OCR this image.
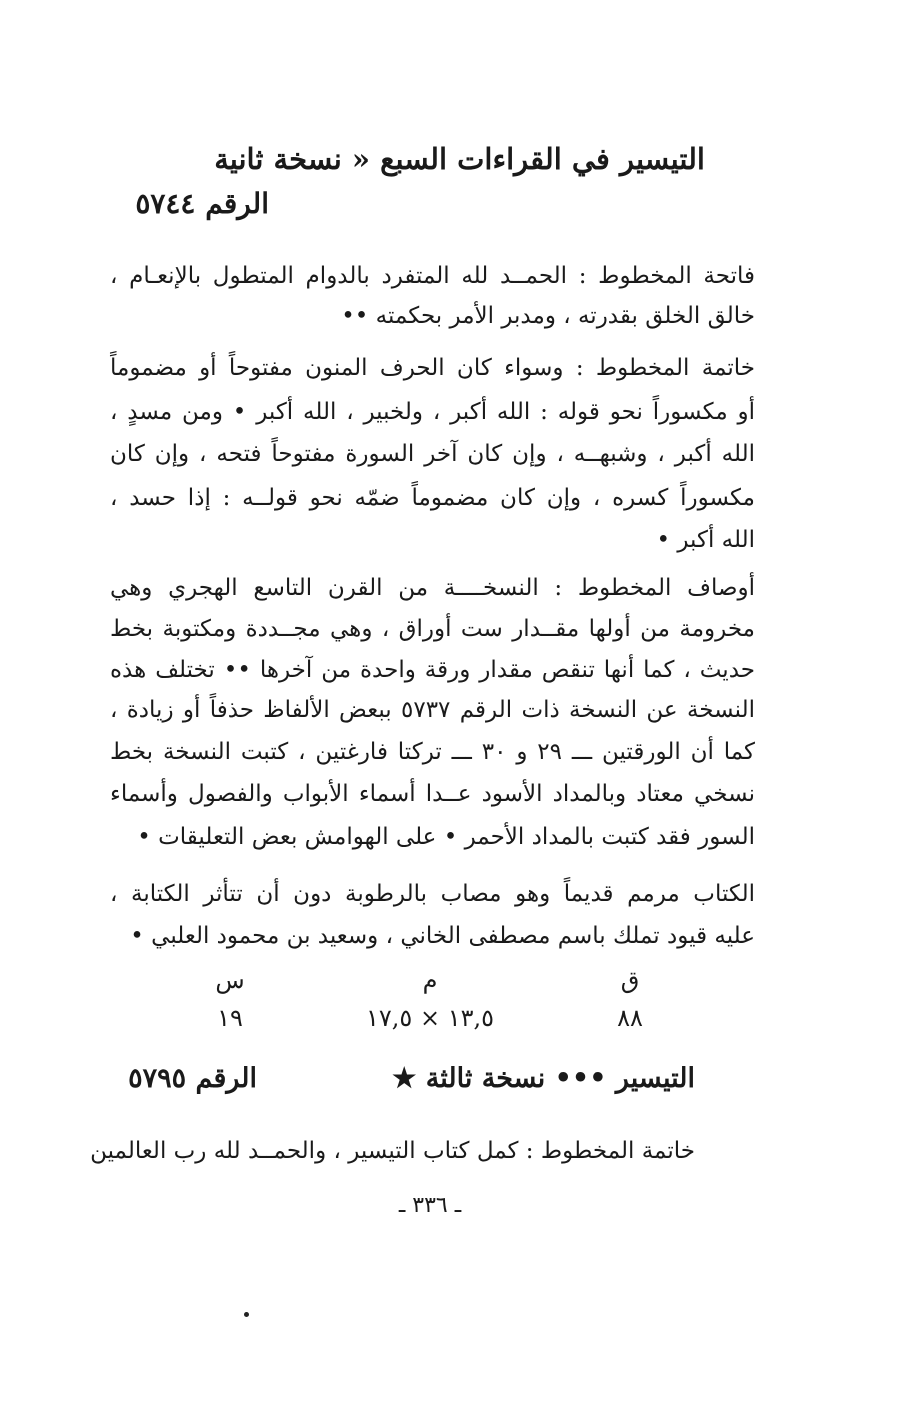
التيسير في القراءات السبع « نسخة ثانية
الرقم ٥٧٤٤
فاتحة المخطوط : الحمــد لله المتفرد بالدوام المتطول بالإنعـام ،
خالق الخلق بقدرته ، ومدبر الأمر بحكمته ••
خاتمة المخطوط : وسواء كان الحرف المنون مفتوحاً أو مضموماً
أو مكسوراً نحو قوله : الله أكبر ، ولخبير ، الله أكبر • ومن مسدٍ ،
الله أكبر ، وشبهــه ، وإن كان آخر السورة مفتوحاً فتحه ، وإن كان
مكسوراً كسره ، وإن كان مضموماً ضمّه نحو قولــه : إذا حسد ،
الله أكبر •
أوصاف المخطوط : النسخــــة من القرن التاسع الهجري وهي
مخرومة من أولها مقــدار ست أوراق ، وهي مجــددة ومكتوبة بخط
حديث ، كما أنها تنقص مقدار ورقة واحدة من آخرها •• تختلف هذه
النسخة عن النسخة ذات الرقم ٥٧٣٧ ببعض الألفاظ حذفاً أو زيادة ،
كما أن الورقتين ـــ ٢٩ و ٣٠ ـــ تركتا فارغتين ، كتبت النسخة بخط
نسخي معتاد وبالمداد الأسود عــدا أسماء الأبواب والفصول وأسماء
السور فقد كتبت بالمداد الأحمر • على الهوامش بعض التعليقات •
الكتاب مرمم قديماً وهو مصاب بالرطوبة دون أن تتأثر الكتابة ،
عليه قيود تملك باسم مصطفى الخاني ، وسعيد بن محمود العلبي •
ق
م
س
٨٨
١٣,٥ × ١٧,٥
١٩
التيسير ••• نسخة ثالثة ★
الرقم ٥٧٩٥
خاتمة المخطوط : كمل كتاب التيسير ، والحمــد لله رب العالمين
ـ ٣٣٦ ـ
